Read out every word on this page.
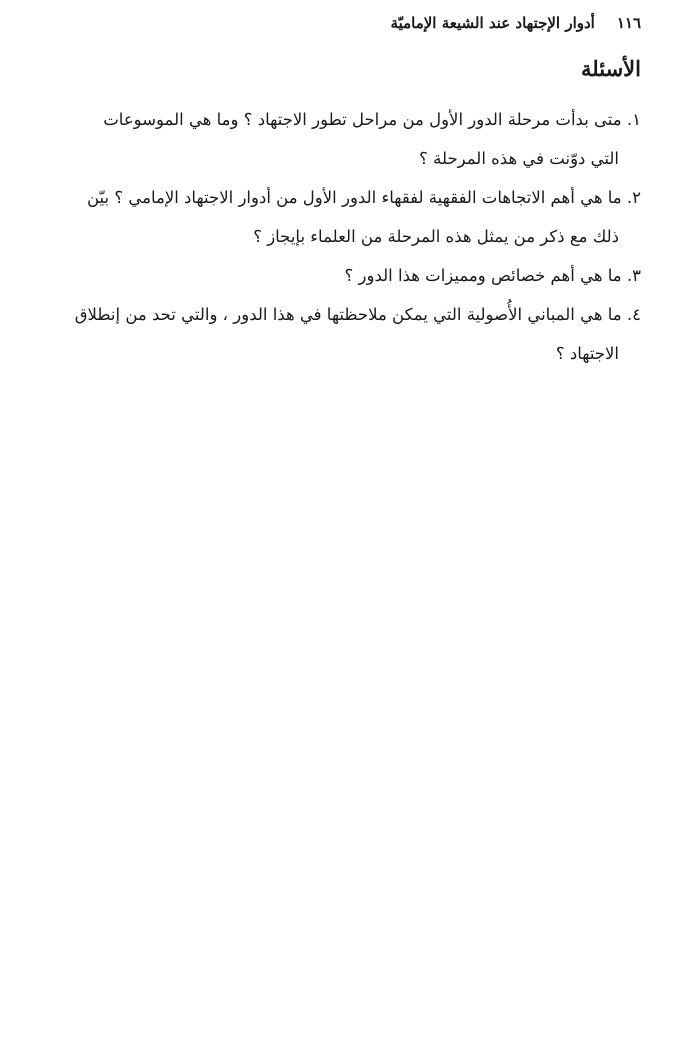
١١٦
أدوار الإجتهاد عند الشيعة الإماميّة
الأسئلة
١. متى بدأت مرحلة الدور الأول من مراحل تطور الاجتهاد ؟ وما هي الموسوعات
التي دوّنت في هذه المرحلة ؟
٢. ما هي أهم الاتجاهات الفقهية لفقهاء الدور الأول من أدوار الاجتهاد الإمامي ؟ بيّن
ذلك مع ذكر من يمثل هذه المرحلة من العلماء بإيجاز ؟
٣. ما هي أهم خصائص ومميزات هذا الدور ؟
٤. ما هي المباني الأُصولية التي يمكن ملاحظتها في هذا الدور ، والتي تحد من إنطلاق
الاجتهاد ؟
